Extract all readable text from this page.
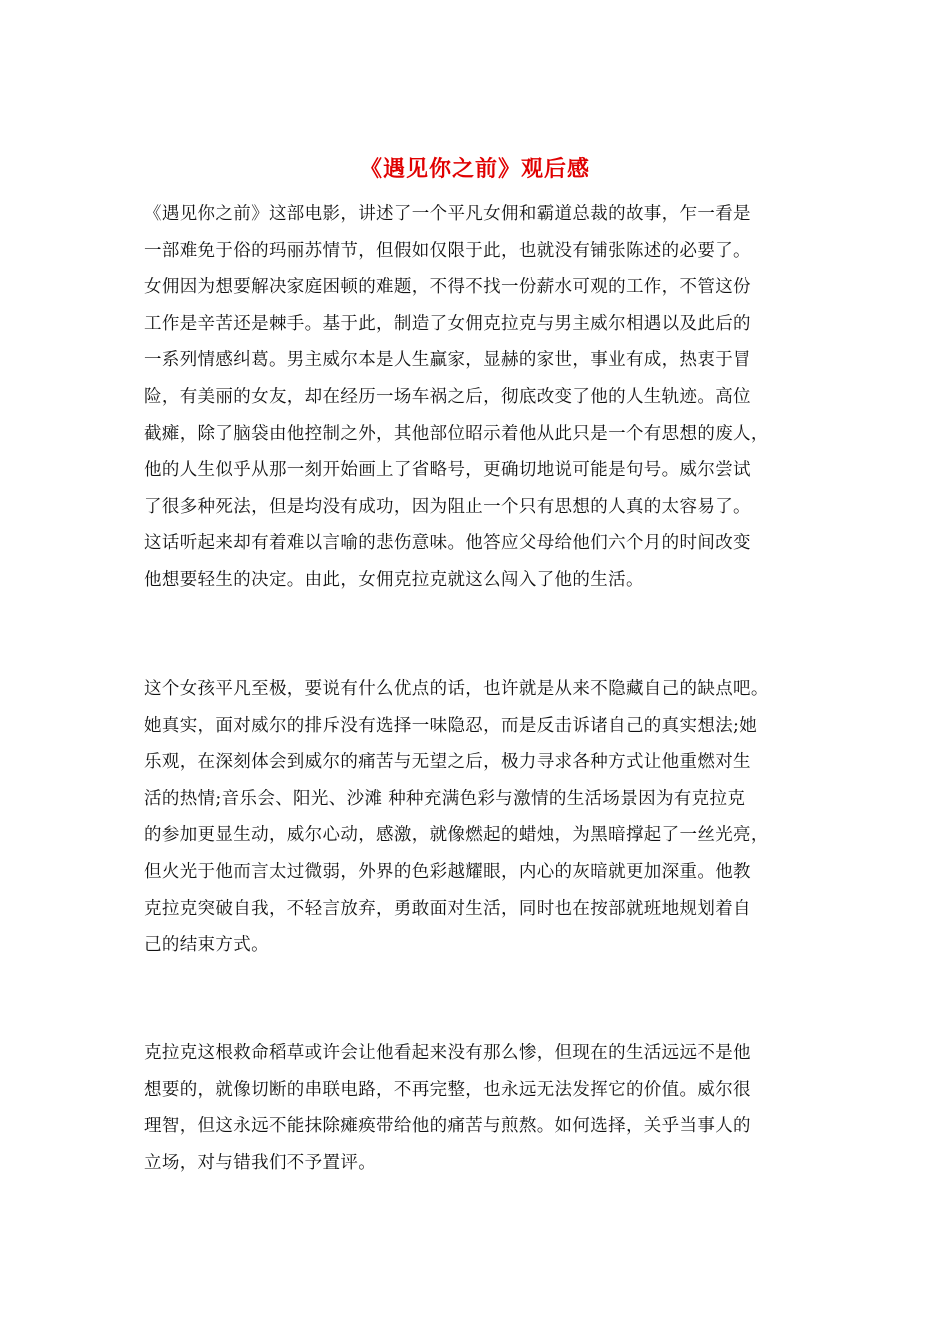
《遇见你之前》观后感
《遇见你之前》这部电影，讲述了一个平凡女佣和霸道总裁的故事，乍一看是
一部难免于俗的玛丽苏情节，但假如仅限于此，也就没有铺张陈述的必要了。
女佣因为想要解决家庭困顿的难题，不得不找一份薪水可观的工作，不管这份
工作是辛苦还是棘手。基于此，制造了女佣克拉克与男主威尔相遇以及此后的
一系列情感纠葛。男主威尔本是人生赢家，显赫的家世，事业有成，热衷于冒
险，有美丽的女友，却在经历一场车祸之后，彻底改变了他的人生轨迹。高位
截瘫，除了脑袋由他控制之外，其他部位昭示着他从此只是一个有思想的废人，
他的人生似乎从那一刻开始画上了省略号，更确切地说可能是句号。威尔尝试
了很多种死法，但是均没有成功，因为阻止一个只有思想的人真的太容易了。
这话听起来却有着难以言喻的悲伤意味。他答应父母给他们六个月的时间改变
他想要轻生的决定。由此，女佣克拉克就这么闯入了他的生活。
这个女孩平凡至极，要说有什么优点的话，也许就是从来不隐藏自己的缺点吧。
她真实，面对威尔的排斥没有选择一味隐忍，而是反击诉诸自己的真实想法;她
乐观，在深刻体会到威尔的痛苦与无望之后，极力寻求各种方式让他重燃对生
活的热情;音乐会、阳光、沙滩 种种充满色彩与激情的生活场景因为有克拉克
的参加更显生动，威尔心动，感激，就像燃起的蜡烛，为黑暗撑起了一丝光亮，
但火光于他而言太过微弱，外界的色彩越耀眼，内心的灰暗就更加深重。他教
克拉克突破自我，不轻言放弃，勇敢面对生活，同时也在按部就班地规划着自
己的结束方式。
克拉克这根救命稻草或许会让他看起来没有那么惨，但现在的生活远远不是他
想要的，就像切断的串联电路，不再完整，也永远无法发挥它的价值。威尔很
理智，但这永远不能抹除瘫痪带给他的痛苦与煎熬。如何选择，关乎当事人的
立场，对与错我们不予置评。
